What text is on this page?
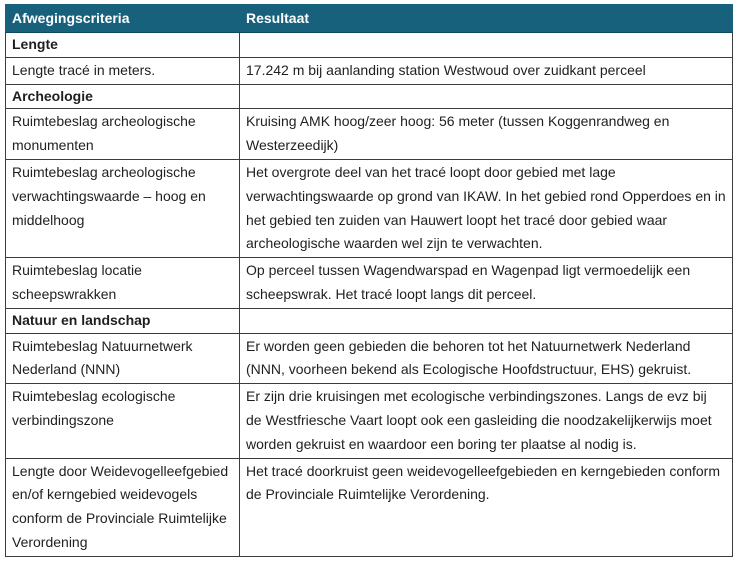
Afwegingscriteria	Resultaat
Lengte	

Lengte tracé in meters.	17.242 m bij aanlanding station Westwoud over zuidkant perceel

Archeologie	

Ruimtebeslag archeologische monumenten	Kruising AMK hoog/zeer hoog: 56 meter (tussen Koggenrandweg en Westerzeedijk)

Ruimtebeslag archeologische verwachtingswaarde – hoog en middelhoog	Het overgrote deel van het tracé loopt door gebied met lage verwachtingswaarde op grond van IKAW. In het gebied rond Opperdoes en in het gebied ten zuiden van Hauwert loopt het tracé door gebied waar archeologische waarden wel zijn te verwachten.

Ruimtebeslag locatie scheepswrakken	Op perceel tussen Wagendwarspad en Wagenpad ligt vermoedelijk een scheepswrak. Het tracé loopt langs dit perceel.

Natuur en landschap	

Ruimtebeslag Natuurnetwerk Nederland (NNN)	Er worden geen gebieden die behoren tot het Natuurnetwerk Nederland (NNN, voorheen bekend als Ecologische Hoofdstructuur, EHS) gekruist.

Ruimtebeslag ecologische verbindingszone	Er zijn drie kruisingen met ecologische verbindingszones. Langs de evz bij de Westfriesche Vaart loopt ook een gasleiding die noodzakelijkerwijs moet worden gekruist en waardoor een boring ter plaatse al nodig is.

Lengte door Weidevogelleefgebied en/of kerngebied weidevogels conform de Provinciale Ruimtelijke Verordening	Het tracé doorkruist geen weidevogelleefgebieden en kerngebieden conform de Provinciale Ruimtelijke Verordening.
